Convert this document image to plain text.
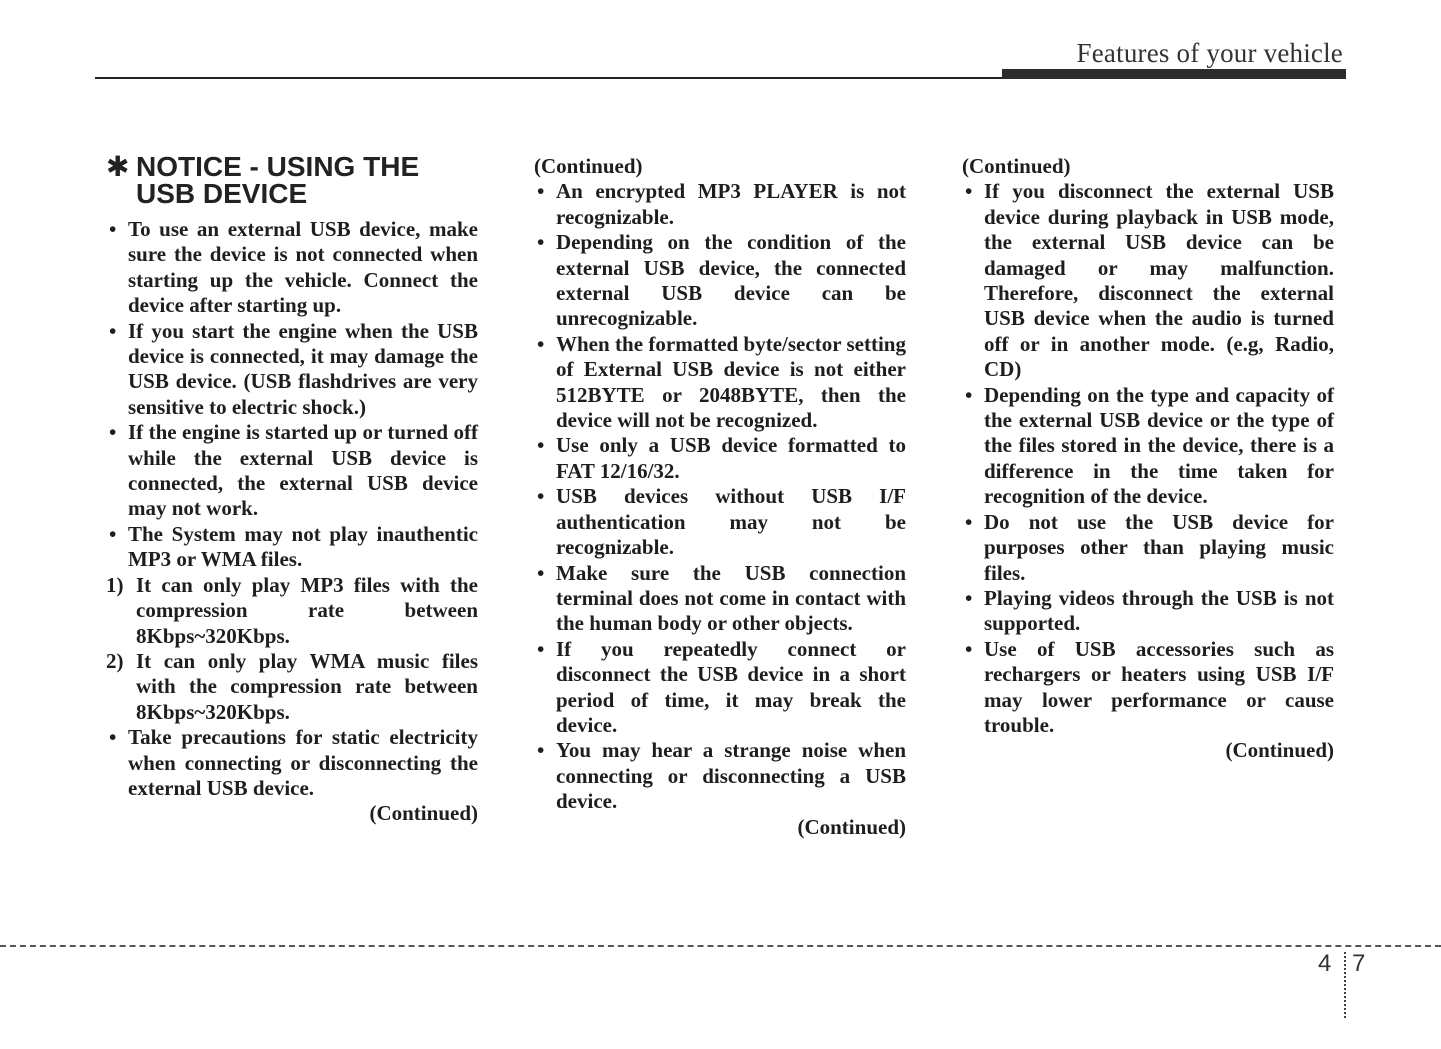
Features of your vehicle
✱ NOTICE - USING THE USB DEVICE
• To use an external USB device, make sure the device is not connected when starting up the vehicle. Connect the device after starting up.
• If you start the engine when the USB device is connected, it may damage the USB device. (USB flashdrives are very sensitive to electric shock.)
• If the engine is started up or turned off while the external USB device is connected, the external USB device may not work.
• The System may not play inauthentic MP3 or WMA files.
1) It can only play MP3 files with the compression rate between 8Kbps~320Kbps.
2) It can only play WMA music files with the compression rate between 8Kbps~320Kbps.
• Take precautions for static electricity when connecting or disconnecting the external USB device.
(Continued)
(Continued)
• An encrypted MP3 PLAYER is not recognizable.
• Depending on the condition of the external USB device, the connected external USB device can be unrecognizable.
• When the formatted byte/sector setting of External USB device is not either 512BYTE or 2048BYTE, then the device will not be recognized.
• Use only a USB device formatted to FAT 12/16/32.
• USB devices without USB I/F authentication may not be recognizable.
• Make sure the USB connection terminal does not come in contact with the human body or other objects.
• If you repeatedly connect or disconnect the USB device in a short period of time, it may break the device.
• You may hear a strange noise when connecting or disconnecting a USB device.
(Continued)
(Continued)
• If you disconnect the external USB device during playback in USB mode, the external USB device can be damaged or may malfunction. Therefore, disconnect the external USB device when the audio is turned off or in another mode. (e.g, Radio, CD)
• Depending on the type and capacity of the external USB device or the type of the files stored in the device, there is a difference in the time taken for recognition of the device.
• Do not use the USB device for purposes other than playing music files.
• Playing videos through the USB is not supported.
• Use of USB accessories such as rechargers or heaters using USB I/F may lower performance or cause trouble.
(Continued)
4 7
